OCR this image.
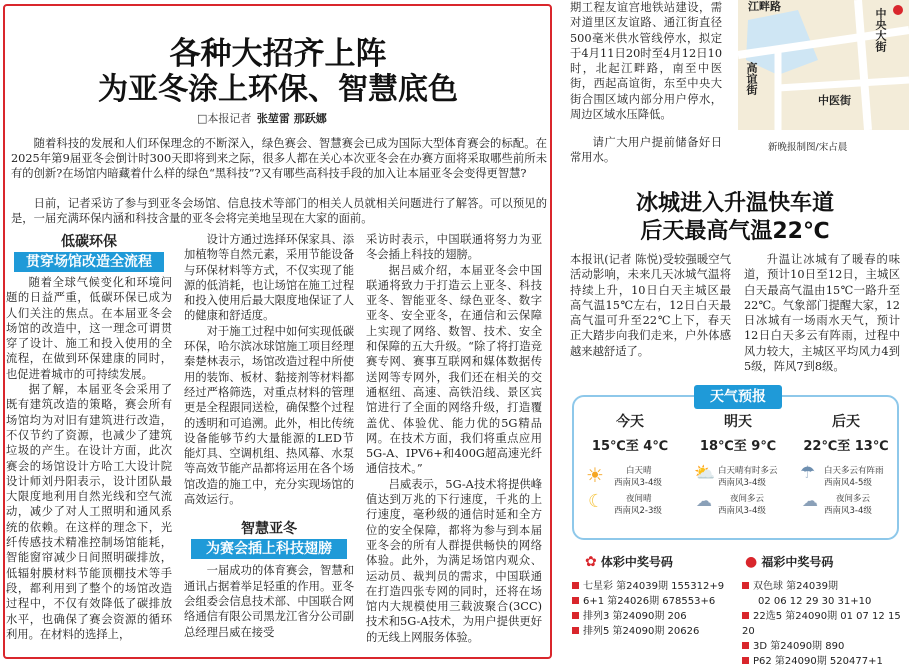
各种大招齐上阵
为亚冬涂上环保、智慧底色
□本报记者 张堃雷 那跃娜
随着科技的发展和人们环保理念的不断深入，绿色赛会、智慧赛会已成为国际大型体育赛会的标配。在2025年第9届亚冬会倒计时300天即将到来之际，很多人都在关心本次亚冬会在办赛方面将采取哪些前所未有的创新?在场馆内暗藏着什么样的绿色“黑科技”?又有哪些高科技手段的加入让本届亚冬会变得更智慧?
日前，记者采访了参与到亚冬会场馆、信息技术等部门的相关人员就相关问题进行了解答。可以预见的是，一届充满环保内涵和科技含量的亚冬会将完美地呈现在大家的面前。
低碳环保
贯穿场馆改造全流程

随着全球气候变化和环境问题的日益严重，低碳环保已成为人们关注的焦点。在本届亚冬会场馆的改造中，这一理念可谓贯穿了设计、施工和投入使用的全流程，在做到环保建康的同时，也促进着城市的可持续发展。

据了解，本届亚冬会采用了既有建筑改造的策略，赛会所有场馆均为对旧有建筑进行改造，不仅节约了资源，也减少了建筑垃圾的产生。在设计方面，此次赛会的场馆设计方哈工大设计院设计师刘丹阳表示，设计团队最大限度地利用自然光线和空气流动，减少了对人工照明和通风系统的依赖。在这样的理念下，光纤传感技术精准控制场馆能耗，智能窗帘减少日间照明碳排放，低辐射膜材料节能顶棚技术等手段，都利用到了整个的场馆改造过程中，不仅有效降低了碳排放水平，也确保了赛会资源的循环利用。在材料的选择上，

设计方通过选择环保家具、添加植物等自然元素，采用节能设备与环保材料等方式，不仅实现了能源的低消耗，也让场馆在施工过程和投入使用后最大限度地保证了人的健康和舒适度。

对于施工过程中如何实现低碳环保，哈尔滨冰球馆施工项目经理秦楚林表示，场馆改造过程中所使用的装饰、板材、黏接剂等材料都经过严格筛选，对重点材料的管理更是全程跟同送检，确保整个过程的透明和可追溯。此外，相比传统设备能够节约大量能源的LED节能灯具、空调机组、热风幕、水泵等高效节能产品都将运用在各个场馆改造的施工中，充分实现场馆的高效运行。

智慧亚冬
为赛会插上科技翅膀

一届成功的体育赛会，智慧和通讯占据着举足轻重的作用。亚冬会组委会信息技术部、中国联合网络通信有限公司黑龙江省分公司副总经理吕威在接受

采访时表示，中国联通将努力为亚冬会插上科技的翅膀。

据吕威介绍，本届亚冬会中国联通将致力于打造云上亚冬、科技亚冬、智能亚冬、绿色亚冬、数字亚冬、安全亚冬，在通信和云保障上实现了网络、数智、技术、安全和保障的五大升级。“除了将打造竞赛专网、赛事互联网和媒体数据传送网等专网外，我们还在相关的交通枢纽、高速、高铁沿线、景区宾馆进行了全面的网络升级，打造覆盖优、体验优、能力优的5G精品网。在技术方面，我们将重点应用5G-A、IPV6+和400G超高速光纤通信技术。”

吕威表示，5G-A技术将提供峰值达到万兆的下行速度，千兆的上行速度，毫秒级的通信时延和全方位的安全保障，都将为参与到本届亚冬会的所有人群提供畅快的网络体验。此外，为满足场馆内观众、运动员、裁判员的需求，中国联通在打造四张专网的同时，还将在场馆内大规模使用三载波聚合(3CC)技术和5G-A技术，为用户提供更好的无线上网服务体验。

期工程友谊宫地铁站建设，需对道里区友谊路、通江街直径500毫米供水管线停水，拟定于4月11日20时至4月12日10时，北起江畔路，南至中医街，西起高谊街，东至中央大街合围区域内部分用户停水，周边区域水压降低。
请广大用户提前储备好日常用水。
江畔路
中央大街
高谊街
中医街
新晚报制图/宋占晨
冰城进入升温快车道
后天最高气温22℃
本报讯(记者 陈悦)受较强暖空气活动影响，未来几天冰城气温将持续上升，10日白天主城区最高气温15℃左右，12日白天最高气温可升至22℃上下，春天正大踏步向我们走来，户外体感越来越舒适了。
升温让冰城有了暖春的味道，预计10日至12日，主城区白天最高气温由15℃一路升至22℃。气象部门提醒大家，12日冰城有一场雨水天气，预计12日白天多云有阵雨，过程中风力较大，主城区平均风力4到5级，阵风7到8级。
天气预报
今天
15℃至 4℃
明天
18℃至 9℃
后天
22℃至 13℃
☀
☾
⛅
☁
☂
☁
白天晴
西南风3-4级
夜间晴
西南风2-3级
白天晴有时多云
西南风3-4级
夜间多云
西南风3-4级
白天多云有阵雨
西南风4-5级
夜间多云
西南风3-4级
✿ 体彩中奖号码
七星彩 第24039期 155312+9
6+1 第24026期 678553+6
排列3 第24090期 206
排列5 第24090期 20626
● 福彩中奖号码
双色球 第24039期
02 06 12 29 30 31+10
22选5 第24090期 01 07 12 15 20
3D 第24090期 890
P62 第24090期 520477+1
